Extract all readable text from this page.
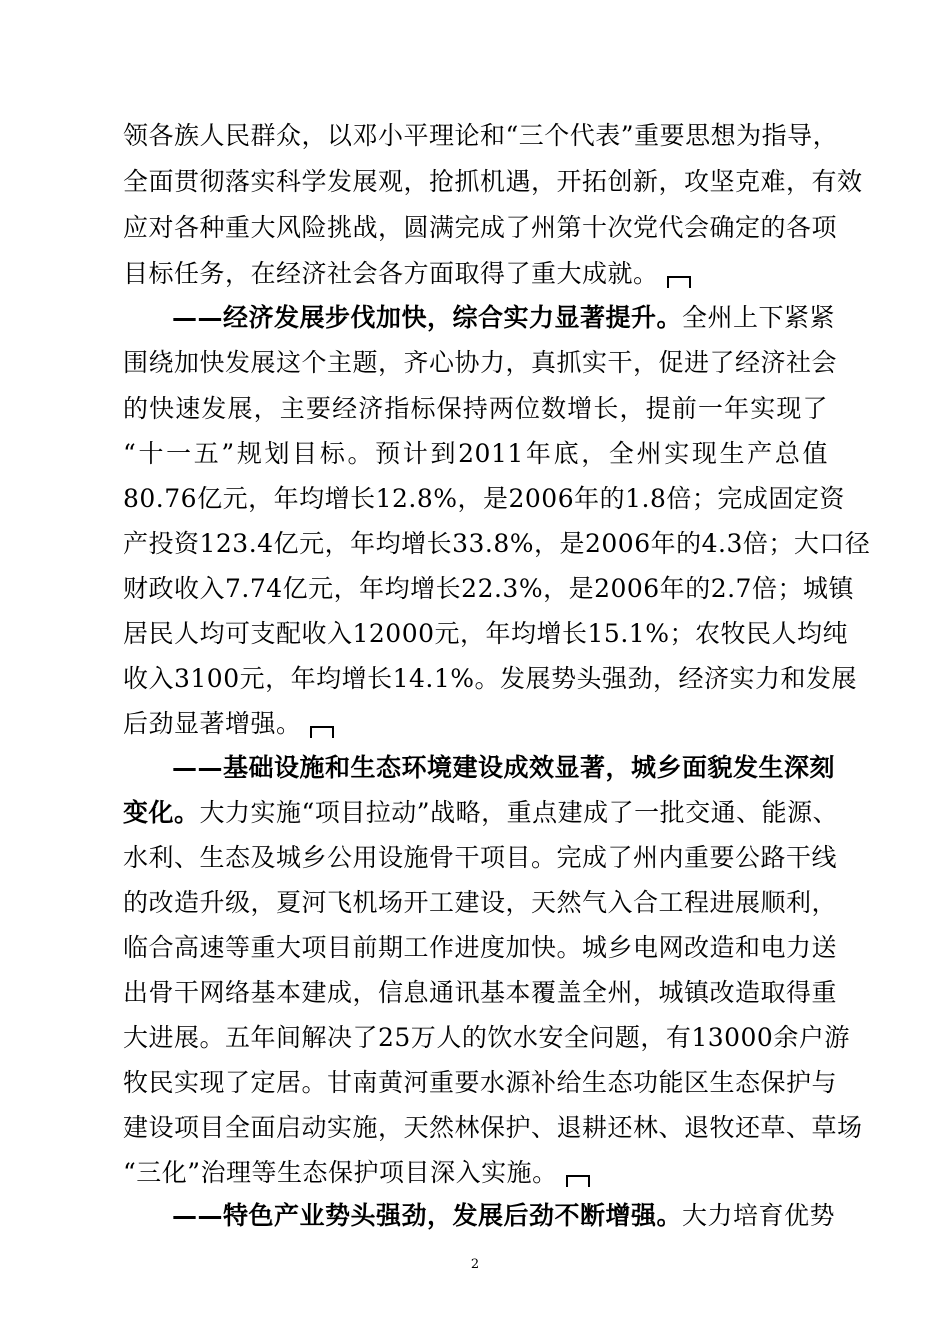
领各族人民群众，以邓小平理论和“三个代表”重要思想为指导，
全面贯彻落实科学发展观，抢抓机遇，开拓创新，攻坚克难，有效
应对各种重大风险挑战，圆满完成了州第十次党代会确定的各项
目标任务，在经济社会各方面取得了重大成就。
——经济发展步伐加快，综合实力显著提升。全州上下紧紧
围绕加快发展这个主题，齐心协力，真抓实干，促进了经济社会
的快速发展，主要经济指标保持两位数增长，提前一年实现了
“十一五”规划目标。预计到2011年底，全州实现生产总值
80.76亿元，年均增长12.8%，是2006年的1.8倍；完成固定资
产投资123.4亿元，年均增长33.8%，是2006年的4.3倍；大口径
财政收入7.74亿元，年均增长22.3%，是2006年的2.7倍；城镇
居民人均可支配收入12000元，年均增长15.1%；农牧民人均纯
收入3100元，年均增长14.1%。发展势头强劲，经济实力和发展
后劲显著增强。
——基础设施和生态环境建设成效显著，城乡面貌发生深刻
变化。大力实施“项目拉动”战略，重点建成了一批交通、能源、
水利、生态及城乡公用设施骨干项目。完成了州内重要公路干线
的改造升级，夏河飞机场开工建设，天然气入合工程进展顺利，
临合高速等重大项目前期工作进度加快。城乡电网改造和电力送
出骨干网络基本建成，信息通讯基本覆盖全州，城镇改造取得重
大进展。五年间解决了25万人的饮水安全问题，有13000余户游
牧民实现了定居。甘南黄河重要水源补给生态功能区生态保护与
建设项目全面启动实施，天然林保护、退耕还林、退牧还草、草场
“三化”治理等生态保护项目深入实施。
——特色产业势头强劲，发展后劲不断增强。大力培育优势
2
